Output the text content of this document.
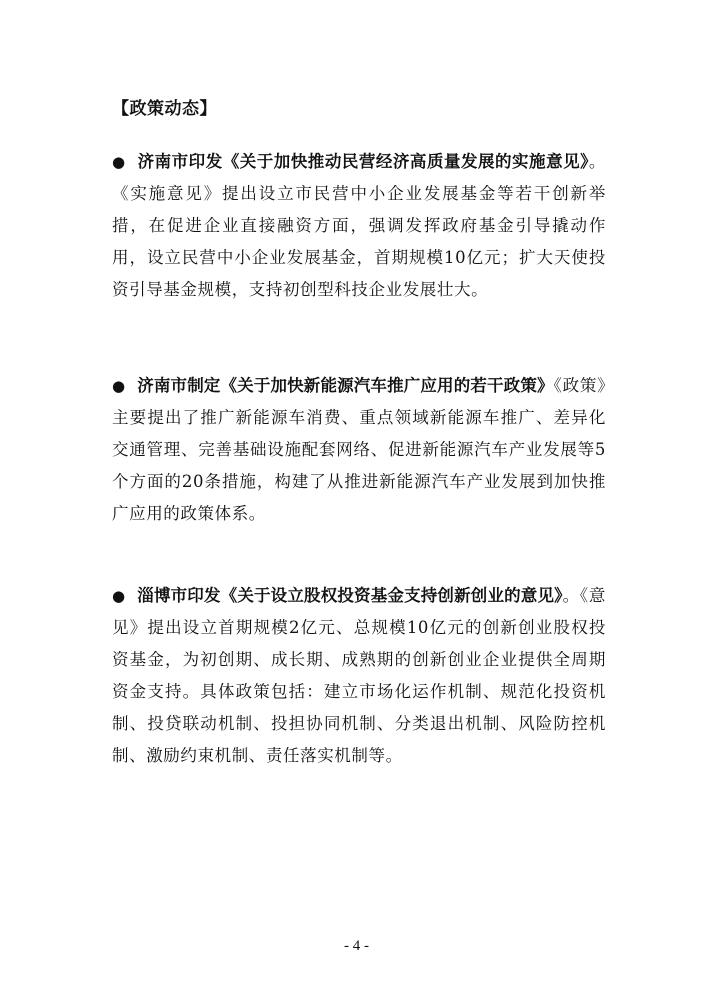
【政策动态】
● 济南市印发《关于加快推动民营经济高质量发展的实施意见》。《实施意见》提出设立市民营中小企业发展基金等若干创新举措，在促进企业直接融资方面，强调发挥政府基金引导撬动作用，设立民营中小企业发展基金，首期规模10亿元；扩大天使投资引导基金规模，支持初创型科技企业发展壮大。
● 济南市制定《关于加快新能源汽车推广应用的若干政策》《政策》主要提出了推广新能源车消费、重点领域新能源车推广、差异化交通管理、完善基础设施配套网络、促进新能源汽车产业发展等5个方面的20条措施，构建了从推进新能源汽车产业发展到加快推广应用的政策体系。
● 淄博市印发《关于设立股权投资基金支持创新创业的意见》。《意见》提出设立首期规模2亿元、总规模10亿元的创新创业股权投资基金，为初创期、成长期、成熟期的创新创业企业提供全周期资金支持。具体政策包括：建立市场化运作机制、规范化投资机制、投贷联动机制、投担协同机制、分类退出机制、风险防控机制、激励约束机制、责任落实机制等。
- 4 -
